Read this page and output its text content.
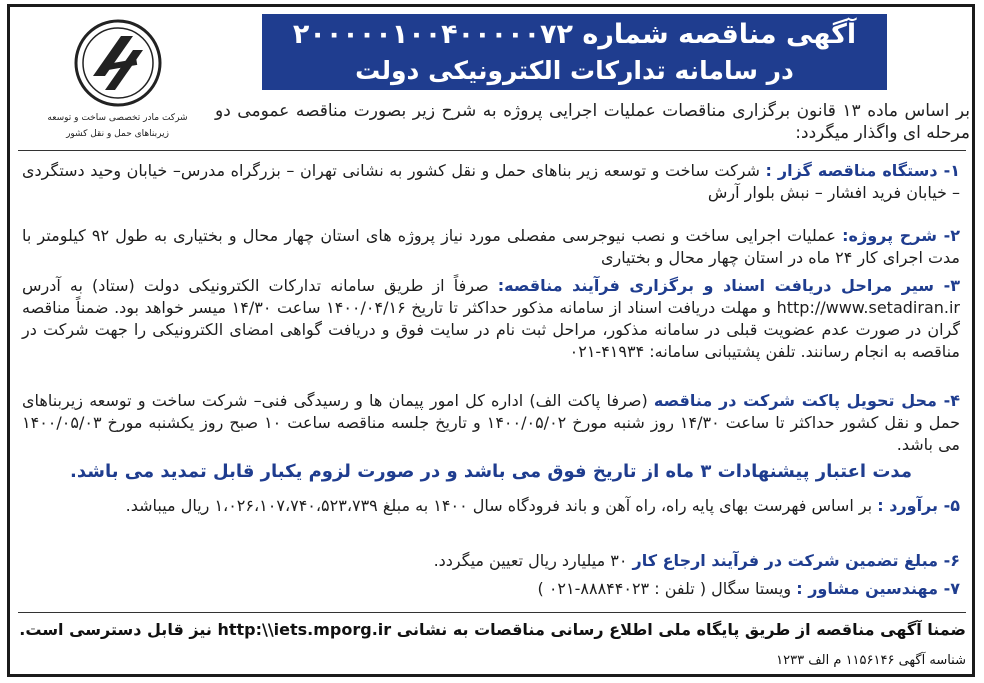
آگهی مناقصه شماره ۲۰۰۰۰۰۱۰۰۴۰۰۰۰۰۷۲
در سامانه تدارکات الکترونیکی دولت
شرکت مادر تخصصی ساخت و توسعه
زیربناهای حمل و نقل کشور
بر اساس ماده ۱۳ قانون برگزاری مناقصات عملیات اجرایی پروژه به شرح زیر بصورت مناقصه عمومی دو مرحله ای واگذار میگردد:
۱- دستگاه مناقصه گزار : شرکت ساخت و توسعه زیر بناهای حمل و نقل کشور به نشانی تهران – بزرگراه مدرس– خیابان وحید دستگردی – خیابان فرید افشار – نبش بلوار آرش
۲- شرح پروژه: عملیات اجرایی ساخت و نصب نیوجرسی مفصلی مورد نیاز پروژه های استان چهار محال و بختیاری به طول ۹۲ کیلومتر با مدت اجرای کار ۲۴ ماه در استان چهار محال و بختیاری
۳- سیر مراحل دریافت اسناد و برگزاری فرآیند مناقصه: صرفاً از طریق سامانه تدارکات الکترونیکی دولت (ستاد) به آدرس http://www.setadiran.ir و مهلت دریافت اسناد از سامانه مذکور حداکثر تا تاریخ ۱۴۰۰/۰۴/۱۶ ساعت ۱۴/۳۰ میسر خواهد بود. ضمناً مناقصه گران در صورت عدم عضویت قبلی در سامانه مذکور، مراحل ثبت نام در سایت فوق و دریافت گواهی امضای الکترونیکی را جهت شرکت در مناقصه به انجام رسانند. تلفن پشتیبانی سامانه: ۴۱۹۳۴-۰۲۱
۴- محل تحویل پاکت شرکت در مناقصه (صرفا پاکت الف) اداره کل امور پیمان ها و رسیدگی فنی– شرکت ساخت و توسعه زیربناهای حمل و نقل کشور حداکثر تا ساعت ۱۴/۳۰ روز شنبه مورخ ۱۴۰۰/۰۵/۰۲ و تاریخ جلسه مناقصه ساعت ۱۰ صبح روز یکشنبه مورخ ۱۴۰۰/۰۵/۰۳ می باشد.
مدت اعتبار پیشنهادات ۳ ماه از تاریخ فوق می باشد و در صورت لزوم یکبار قابل تمدید می باشد.
۵- برآورد : بر اساس فهرست بهای پایه راه، راه آهن و باند فرودگاه سال ۱۴۰۰ به مبلغ ۱،۰۲۶،۱۰۷،۷۴۰،۵۲۳،۷۳۹ ریال میباشد.
۶- مبلغ تضمین شرکت در فرآیند ارجاع کار ۳۰ میلیارد ریال تعیین میگردد.
۷- مهندسین مشاور : ویستا سگال ( تلفن : ۸۸۸۴۴۰۲۳-۰۲۱ )
ضمنا آگهی مناقصه از طریق پایگاه ملی اطلاع رسانی مناقصات به نشانی http:\\iets.mporg.ir نیز قابل دسترسی است.
شناسه آگهی ۱۱۵۶۱۴۶ م الف ۱۲۳۳
